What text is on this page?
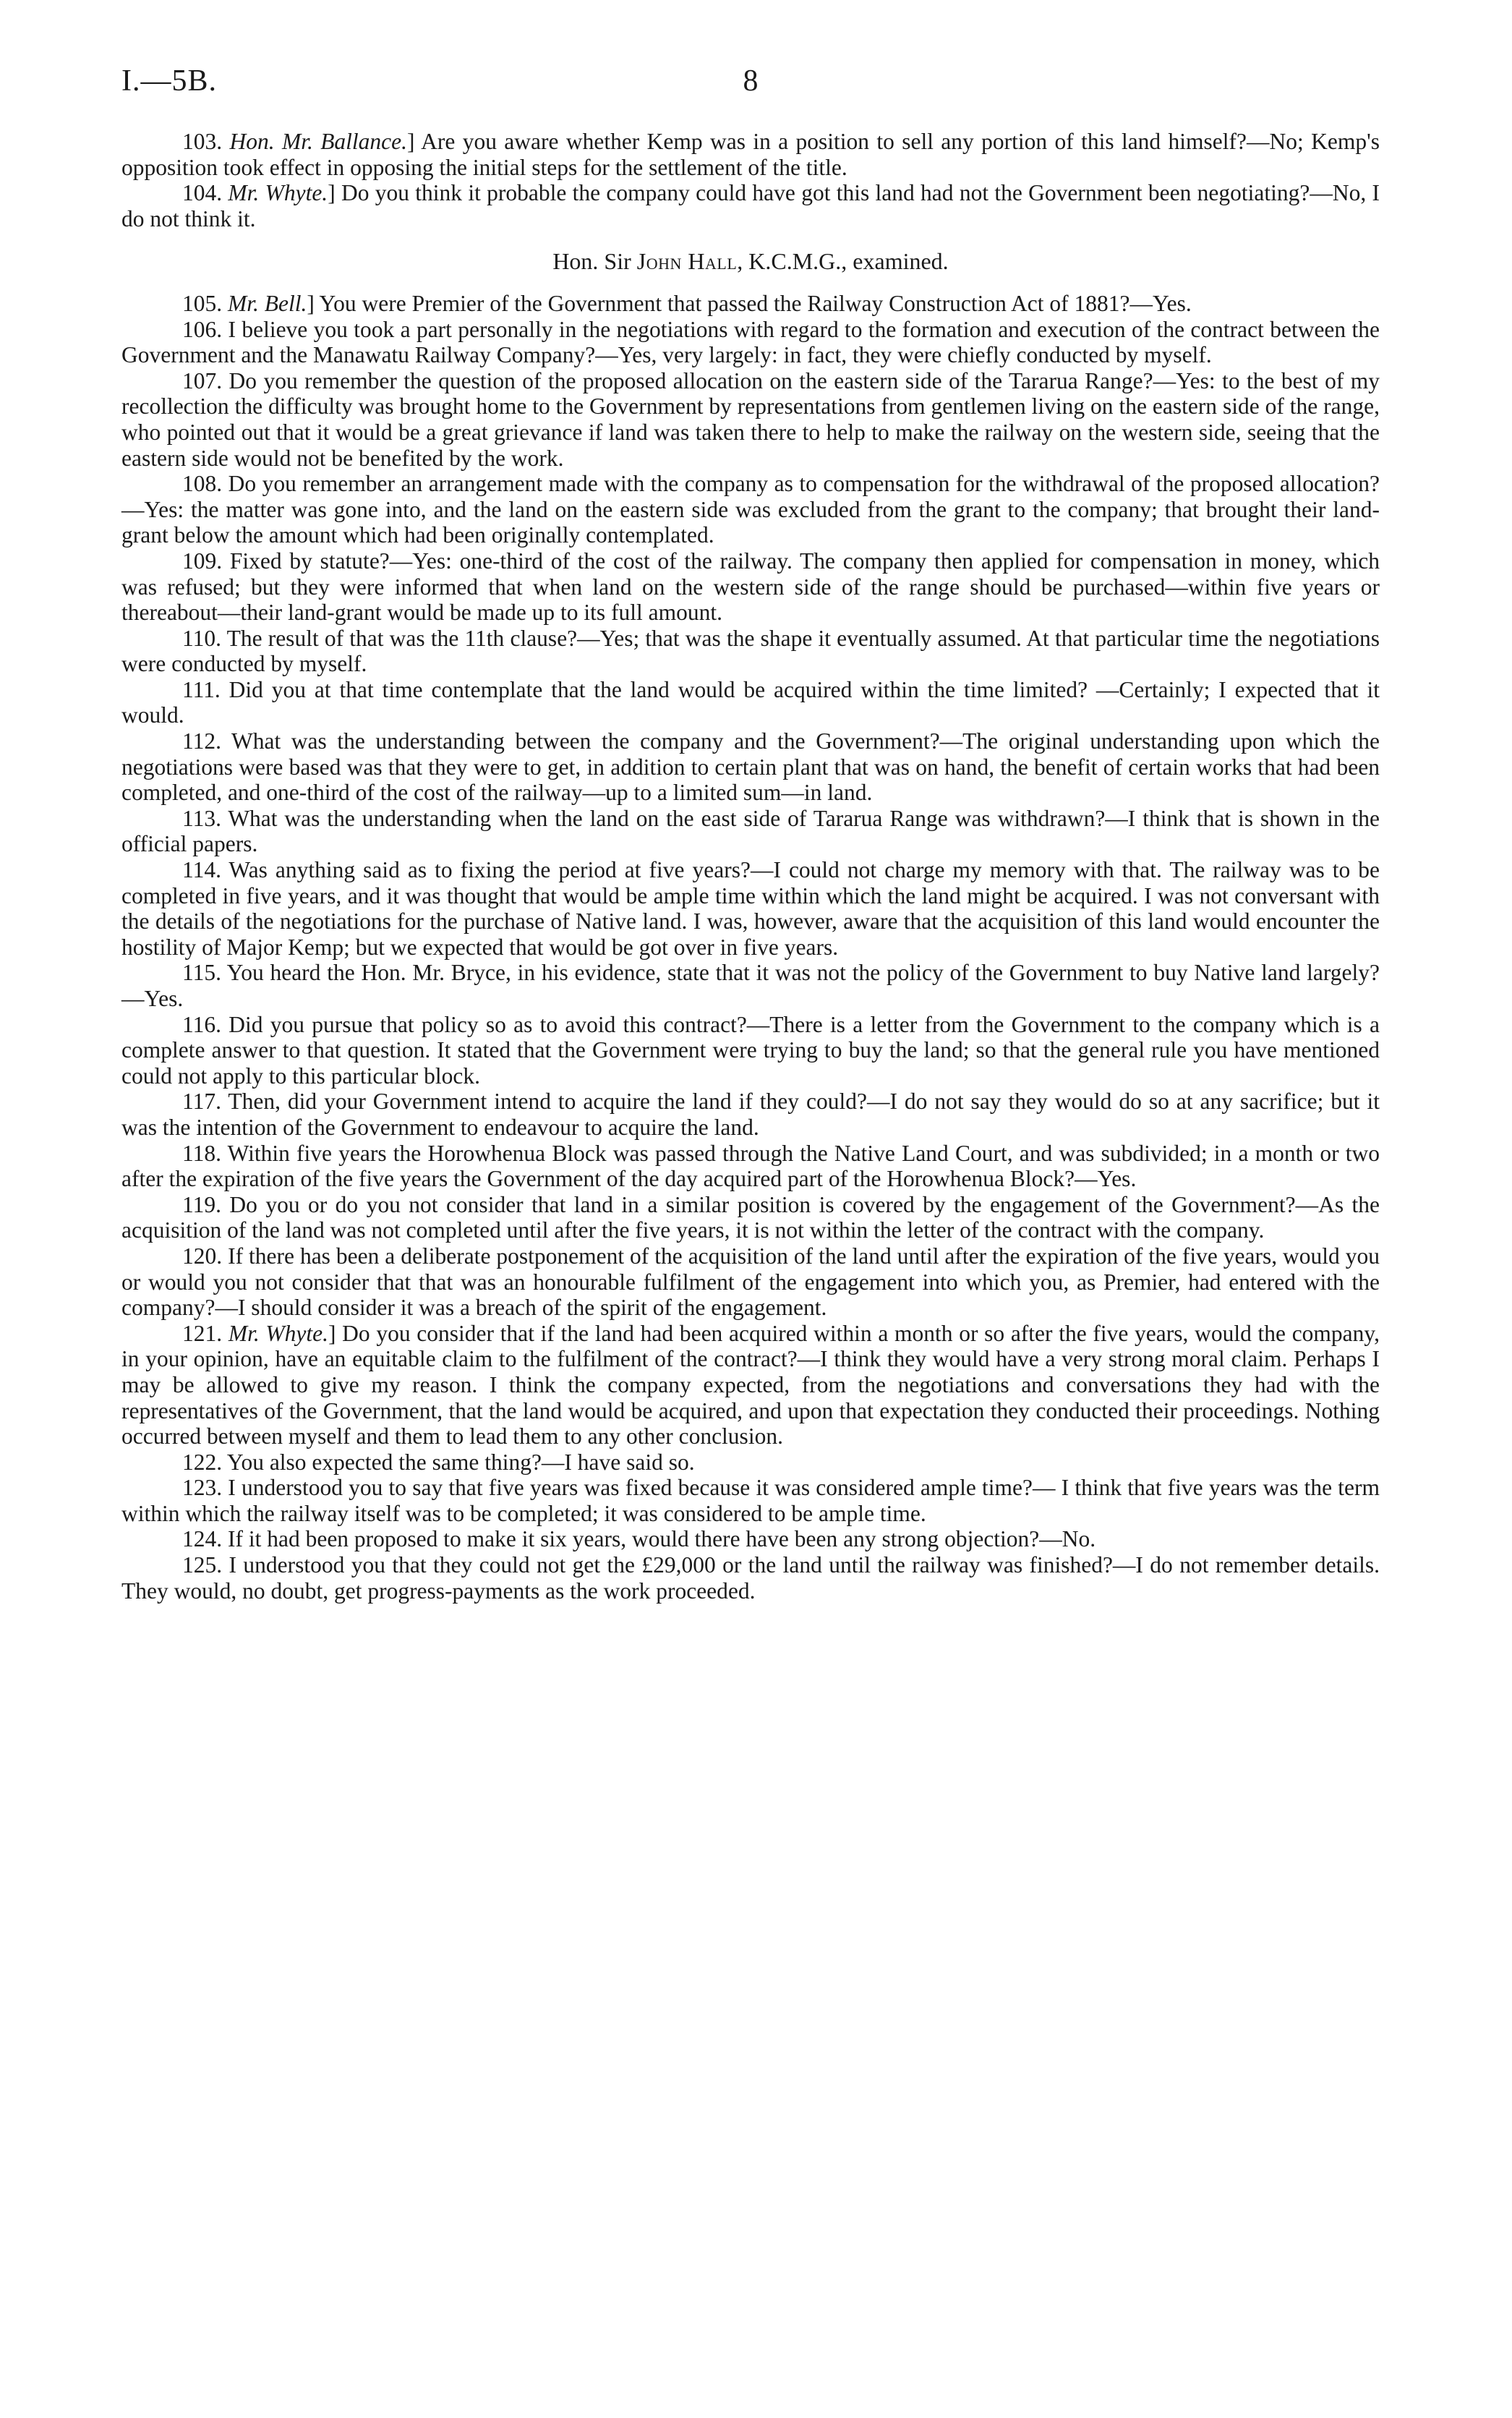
I.—5B.	8

103. Hon. Mr. Ballance.] Are you aware whether Kemp was in a position to sell any portion of this land himself?—No; Kemp's opposition took effect in opposing the initial steps for the settlement of the title.

104. Mr. Whyte.] Do you think it probable the company could have got this land had not the Government been negotiating?—No, I do not think it.

Hon. Sir John Hall, K.C.M.G., examined.

105. Mr. Bell.] You were Premier of the Government that passed the Railway Construction Act of 1881?—Yes.

106. I believe you took a part personally in the negotiations with regard to the formation and execution of the contract between the Government and the Manawatu Railway Company?—Yes, very largely: in fact, they were chiefly conducted by myself.

107. Do you remember the question of the proposed allocation on the eastern side of the Tararua Range?—Yes: to the best of my recollection the difficulty was brought home to the Government by representations from gentlemen living on the eastern side of the range, who pointed out that it would be a great grievance if land was taken there to help to make the railway on the western side, seeing that the eastern side would not be benefited by the work.

108. Do you remember an arrangement made with the company as to compensation for the withdrawal of the proposed allocation?—Yes: the matter was gone into, and the land on the eastern side was excluded from the grant to the company; that brought their land-grant below the amount which had been originally contemplated.

109. Fixed by statute?—Yes: one-third of the cost of the railway. The company then applied for compensation in money, which was refused; but they were informed that when land on the western side of the range should be purchased—within five years or thereabout—their land-grant would be made up to its full amount.

110. The result of that was the 11th clause?—Yes; that was the shape it eventually assumed. At that particular time the negotiations were conducted by myself.

111. Did you at that time contemplate that the land would be acquired within the time limited? —Certainly; I expected that it would.

112. What was the understanding between the company and the Government?—The original understanding upon which the negotiations were based was that they were to get, in addition to certain plant that was on hand, the benefit of certain works that had been completed, and one-third of the cost of the railway—up to a limited sum—in land.

113. What was the understanding when the land on the east side of Tararua Range was withdrawn?—I think that is shown in the official papers.

114. Was anything said as to fixing the period at five years?—I could not charge my memory with that. The railway was to be completed in five years, and it was thought that would be ample time within which the land might be acquired. I was not conversant with the details of the negotiations for the purchase of Native land. I was, however, aware that the acquisition of this land would encounter the hostility of Major Kemp; but we expected that would be got over in five years.

115. You heard the Hon. Mr. Bryce, in his evidence, state that it was not the policy of the Government to buy Native land largely?—Yes.

116. Did you pursue that policy so as to avoid this contract?—There is a letter from the Government to the company which is a complete answer to that question. It stated that the Government were trying to buy the land; so that the general rule you have mentioned could not apply to this particular block.

117. Then, did your Government intend to acquire the land if they could?—I do not say they would do so at any sacrifice; but it was the intention of the Government to endeavour to acquire the land.

118. Within five years the Horowhenua Block was passed through the Native Land Court, and was subdivided; in a month or two after the expiration of the five years the Government of the day acquired part of the Horowhenua Block?—Yes.

119. Do you or do you not consider that land in a similar position is covered by the engagement of the Government?—As the acquisition of the land was not completed until after the five years, it is not within the letter of the contract with the company.

120. If there has been a deliberate postponement of the acquisition of the land until after the expiration of the five years, would you or would you not consider that that was an honourable fulfilment of the engagement into which you, as Premier, had entered with the company?—I should consider it was a breach of the spirit of the engagement.

121. Mr. Whyte.] Do you consider that if the land had been acquired within a month or so after the five years, would the company, in your opinion, have an equitable claim to the fulfilment of the contract?—I think they would have a very strong moral claim. Perhaps I may be allowed to give my reason. I think the company expected, from the negotiations and conversations they had with the representatives of the Government, that the land would be acquired, and upon that expectation they conducted their proceedings. Nothing occurred between myself and them to lead them to any other conclusion.

122. You also expected the same thing?—I have said so.

123. I understood you to say that five years was fixed because it was considered ample time?— I think that five years was the term within which the railway itself was to be completed; it was considered to be ample time.

124. If it had been proposed to make it six years, would there have been any strong objection?—No.

125. I understood you that they could not get the £29,000 or the land until the railway was finished?—I do not remember details. They would, no doubt, get progress-payments as the work proceeded.
